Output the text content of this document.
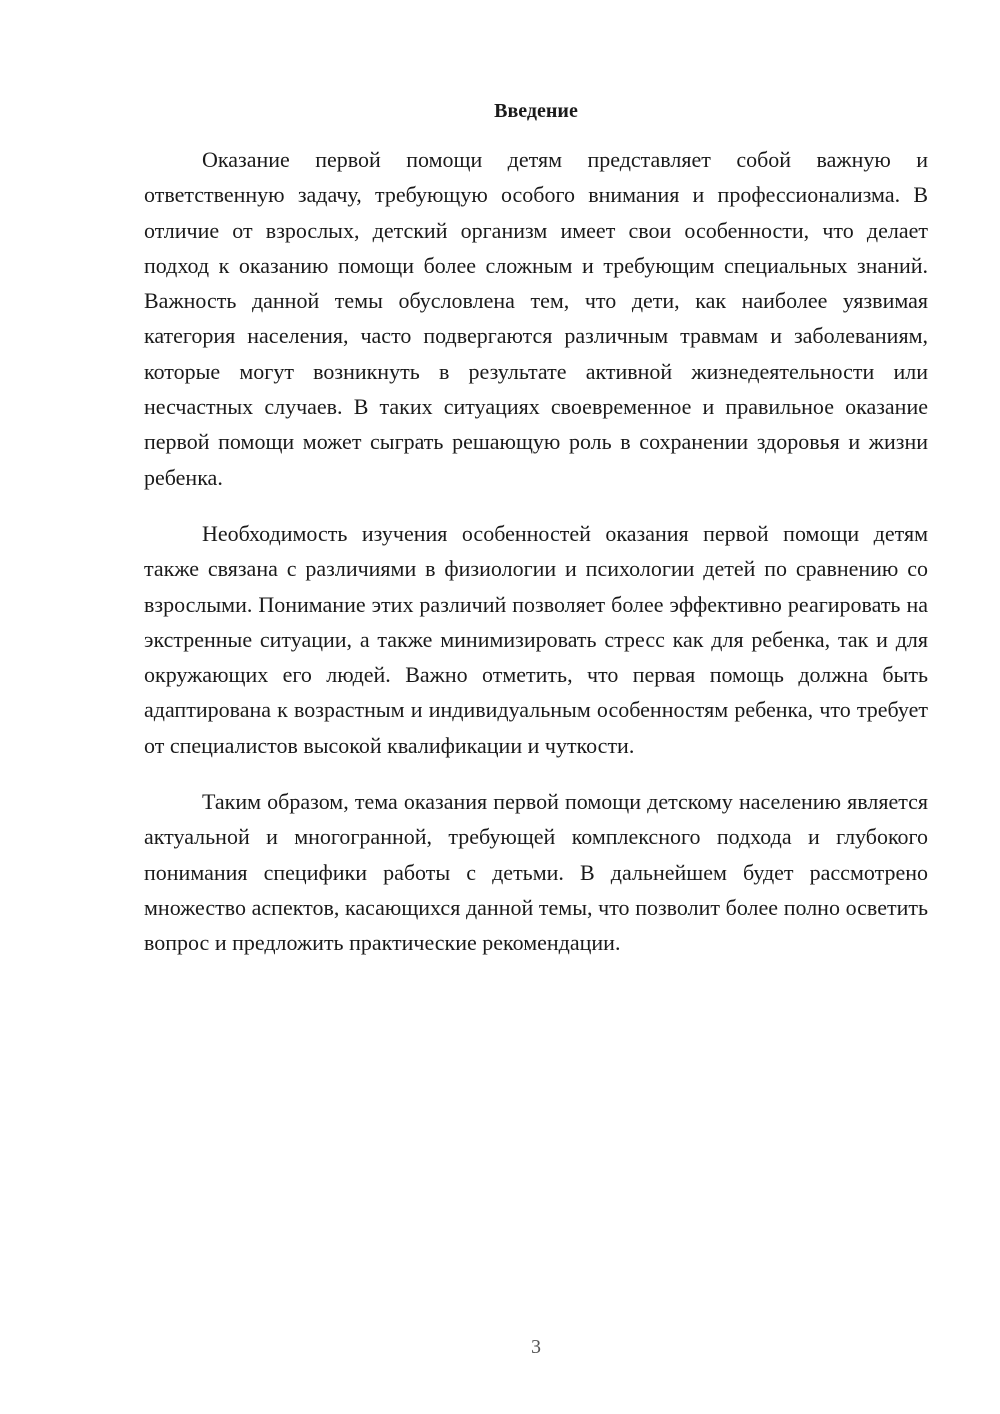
Введение

Оказание первой помощи детям представляет собой важную и ответственную задачу, требующую особого внимания и профессионализма. В отличие от взрослых, детский организм имеет свои особенности, что делает подход к оказанию помощи более сложным и требующим специальных знаний. Важность данной темы обусловлена тем, что дети, как наиболее уязвимая категория населения, часто подвергаются различным травмам и заболеваниям, которые могут возникнуть в результате активной жизнедеятельности или несчастных случаев. В таких ситуациях своевременное и правильное оказание первой помощи может сыграть решающую роль в сохранении здоровья и жизни ребенка.

Необходимость изучения особенностей оказания первой помощи детям также связана с различиями в физиологии и психологии детей по сравнению со взрослыми. Понимание этих различий позволяет более эффективно реагировать на экстренные ситуации, а также минимизировать стресс как для ребенка, так и для окружающих его людей. Важно отметить, что первая помощь должна быть адаптирована к возрастным и индивидуальным особенностям ребенка, что требует от специалистов высокой квалификации и чуткости.

Таким образом, тема оказания первой помощи детскому населению является актуальной и многогранной, требующей комплексного подхода и глубокого понимания специфики работы с детьми. В дальнейшем будет рассмотрено множество аспектов, касающихся данной темы, что позволит более полно осветить вопрос и предложить практические рекомендации.

3
